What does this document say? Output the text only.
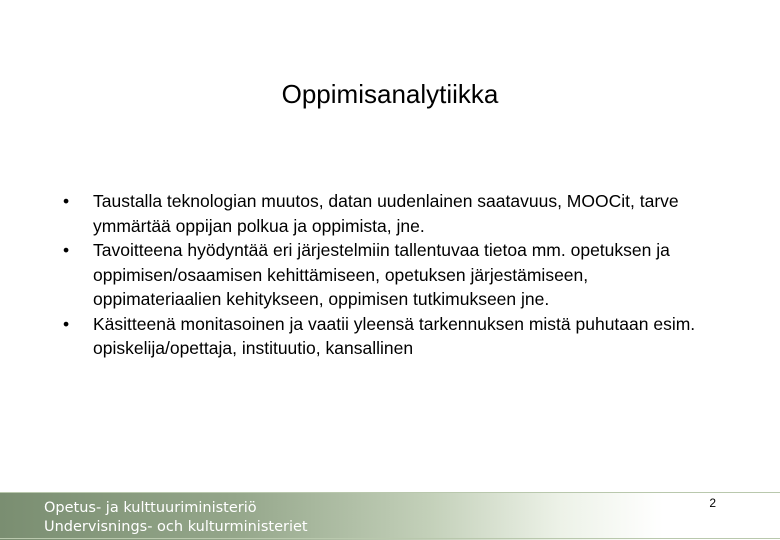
Oppimisanalytiikka
• Taustalla teknologian muutos, datan uudenlainen saatavuus, MOOCit, tarve ymmärtää oppijan polkua ja oppimista, jne.
• Tavoitteena hyödyntää eri järjestelmiin tallentuvaa tietoa mm. opetuksen ja oppimisen/osaamisen kehittämiseen, opetuksen järjestämiseen, oppimateriaalien kehitykseen, oppimisen tutkimukseen jne.
• Käsitteenä monitasoinen ja vaatii yleensä tarkennuksen mistä puhutaan esim. opiskelija/opettaja, instituutio, kansallinen
Opetus- ja kulttuuriministeriö
Undervisnings- och kulturministeriet
2
